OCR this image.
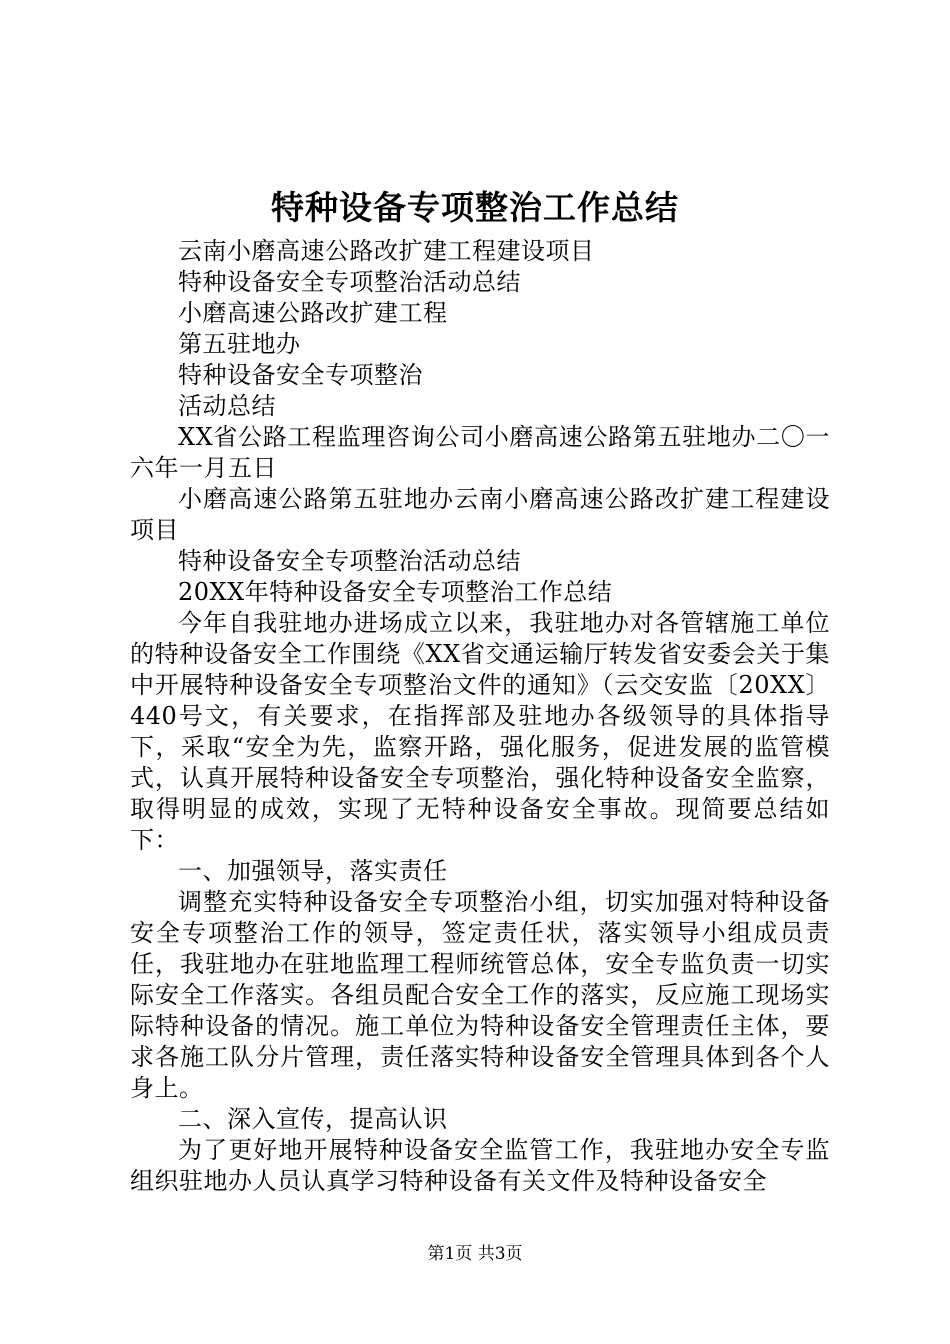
特种设备专项整治工作总结

云南小磨高速公路改扩建工程建设项目

特种设备安全专项整治活动总结

小磨高速公路改扩建工程

第五驻地办

特种设备安全专项整治

活动总结

XX省公路工程监理咨询公司小磨高速公路第五驻地办二〇一六年一月五日

小磨高速公路第五驻地办云南小磨高速公路改扩建工程建设项目

特种设备安全专项整治活动总结

20XX年特种设备安全专项整治工作总结

今年自我驻地办进场成立以来，我驻地办对各管辖施工单位的特种设备安全工作围绕《XX省交通运输厅转发省安委会关于集中开展特种设备安全专项整治文件的通知》（云交安监〔20XX〕440号文，有关要求，在指挥部及驻地办各级领导的具体指导下，采取“安全为先，监察开路，强化服务，促进发展的监管模式，认真开展特种设备安全专项整治，强化特种设备安全监察，取得明显的成效，实现了无特种设备安全事故。现简要总结如下：

一、加强领导，落实责任

调整充实特种设备安全专项整治小组，切实加强对特种设备安全专项整治工作的领导，签定责任状，落实领导小组成员责任，我驻地办在驻地监理工程师统管总体，安全专监负责一切实际安全工作落实。各组员配合安全工作的落实，反应施工现场实际特种设备的情况。施工单位为特种设备安全管理责任主体，要求各施工队分片管理，责任落实特种设备安全管理具体到各个人身上。

二、深入宣传，提高认识

为了更好地开展特种设备安全监管工作，我驻地办安全专监组织驻地办人员认真学习特种设备有关文件及特种设备安全

第1页 共3页
